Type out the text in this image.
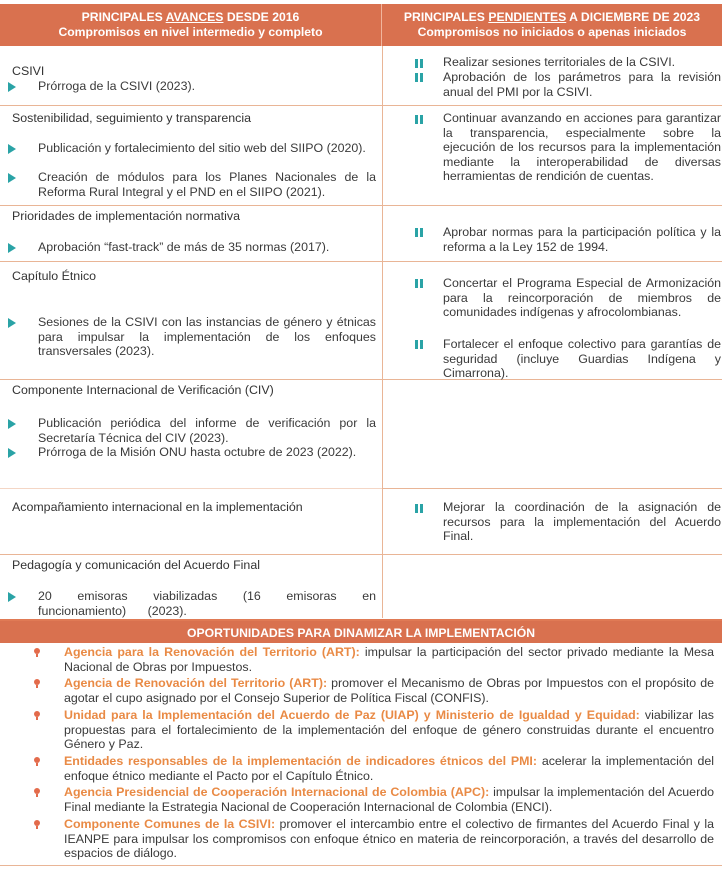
PRINCIPALES AVANCES DESDE 2016
Compromisos en nivel intermedio y completo
PRINCIPALES PENDIENTES A DICIEMBRE DE 2023
Compromisos no iniciados o apenas iniciados
CSIVI
Prórroga de la CSIVI (2023).
Realizar sesiones territoriales de la CSIVI.
Aprobación de los parámetros para la revisión anual del PMI por la CSIVI.
Sostenibilidad, seguimiento y transparencia
Publicación y fortalecimiento del sitio web del SIIPO (2020).
Creación de módulos para los Planes Nacionales de la Reforma Rural Integral y el PND en el SIIPO (2021).
Continuar avanzando en acciones para garantizar la transparencia, especialmente sobre la ejecución de los recursos para la implementación mediante la interoperabilidad de diversas herramientas de rendición de cuentas.
Prioridades de implementación normativa
Aprobación “fast-track” de más de 35 normas (2017).
Aprobar normas para la participación política y la reforma a la Ley 152 de 1994.
Capítulo Étnico
Sesiones de la CSIVI con las instancias de género y étnicas para impulsar la implementación de los enfoques transversales (2023).
Concertar el Programa Especial de Armonización para la reincorporación de miembros de comunidades indígenas y afrocolombianas.
Fortalecer el enfoque colectivo para garantías de seguridad (incluye Guardias Indígena y Cimarrona).
Componente Internacional de Verificación (CIV)
Publicación periódica del informe de verificación por la Secretaría Técnica del CIV (2023).
Prórroga de la Misión ONU hasta octubre de 2023 (2022).
Acompañamiento internacional en la implementación	Mejorar la coordinación de la asignación de recursos para la implementación del Acuerdo Final.
Pedagogía y comunicación del Acuerdo Final
20 emisoras viabilizadas (16 emisoras en funcionamiento) (2023).
OPORTUNIDADES PARA DINAMIZAR LA IMPLEMENTACIÓN
Agencia para la Renovación del Territorio (ART): impulsar la participación del sector privado mediante la Mesa Nacional de Obras por Impuestos.
Agencia de Renovación del Territorio (ART): promover el Mecanismo de Obras por Impuestos con el propósito de agotar el cupo asignado por el Consejo Superior de Política Fiscal (CONFIS).
Unidad para la Implementación del Acuerdo de Paz (UIAP) y Ministerio de Igualdad y Equidad: viabilizar las propuestas para el fortalecimiento de la implementación del enfoque de género construidas durante el encuentro Género y Paz.
Entidades responsables de la implementación de indicadores étnicos del PMI: acelerar la implementación del enfoque étnico mediante el Pacto por el Capítulo Étnico.
Agencia Presidencial de Cooperación Internacional de Colombia (APC): impulsar la implementación del Acuerdo Final mediante la Estrategia Nacional de Cooperación Internacional de Colombia (ENCI).
Componente Comunes de la CSIVI: promover el intercambio entre el colectivo de firmantes del Acuerdo Final y la IEANPE para impulsar los compromisos con enfoque étnico en materia de reincorporación, a través del desarrollo de espacios de diálogo.
